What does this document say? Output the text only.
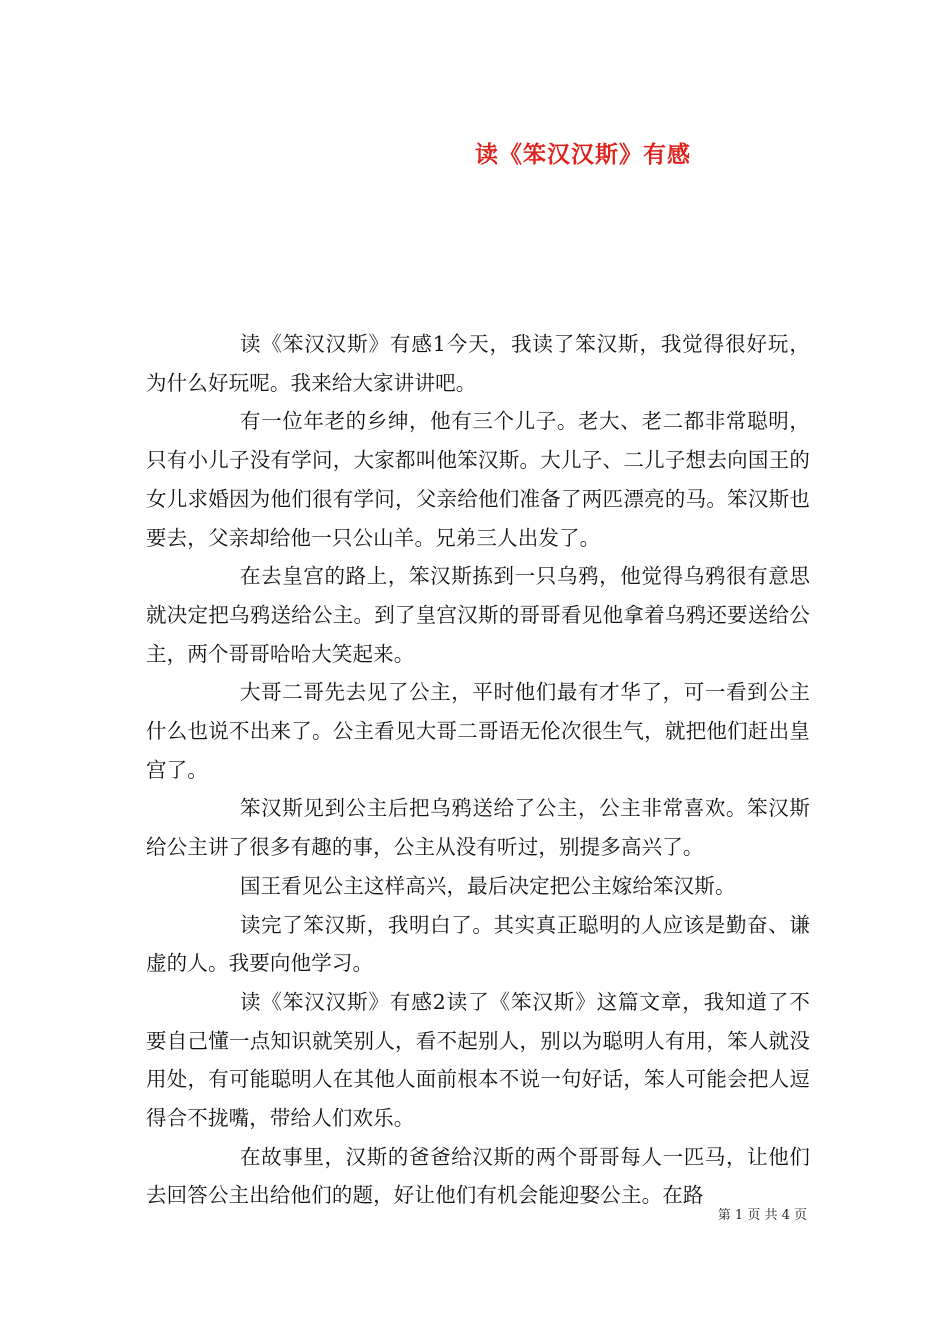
读《笨汉汉斯》有感

读《笨汉汉斯》有感1今天，我读了笨汉斯，我觉得很好玩，为什么好玩呢。我来给大家讲讲吧。

有一位年老的乡绅，他有三个儿子。老大、老二都非常聪明，只有小儿子没有学问，大家都叫他笨汉斯。大儿子、二儿子想去向国王的女儿求婚因为他们很有学问，父亲给他们准备了两匹漂亮的马。笨汉斯也要去，父亲却给他一只公山羊。兄弟三人出发了。

在去皇宫的路上，笨汉斯拣到一只乌鸦，他觉得乌鸦很有意思就决定把乌鸦送给公主。到了皇宫汉斯的哥哥看见他拿着乌鸦还要送给公主，两个哥哥哈哈大笑起来。

大哥二哥先去见了公主，平时他们最有才华了，可一看到公主什么也说不出来了。公主看见大哥二哥语无伦次很生气，就把他们赶出皇宫了。

笨汉斯见到公主后把乌鸦送给了公主，公主非常喜欢。笨汉斯给公主讲了很多有趣的事，公主从没有听过，别提多高兴了。

国王看见公主这样高兴，最后决定把公主嫁给笨汉斯。

读完了笨汉斯，我明白了。其实真正聪明的人应该是勤奋、谦虚的人。我要向他学习。

读《笨汉汉斯》有感2读了《笨汉斯》这篇文章，我知道了不要自己懂一点知识就笑别人，看不起别人，别以为聪明人有用，笨人就没用处，有可能聪明人在其他人面前根本不说一句好话，笨人可能会把人逗得合不拢嘴，带给人们欢乐。

在故事里，汉斯的爸爸给汉斯的两个哥哥每人一匹马，让他们去回答公主出给他们的题，好让他们有机会能迎娶公主。在路

第 1 页 共 4 页
